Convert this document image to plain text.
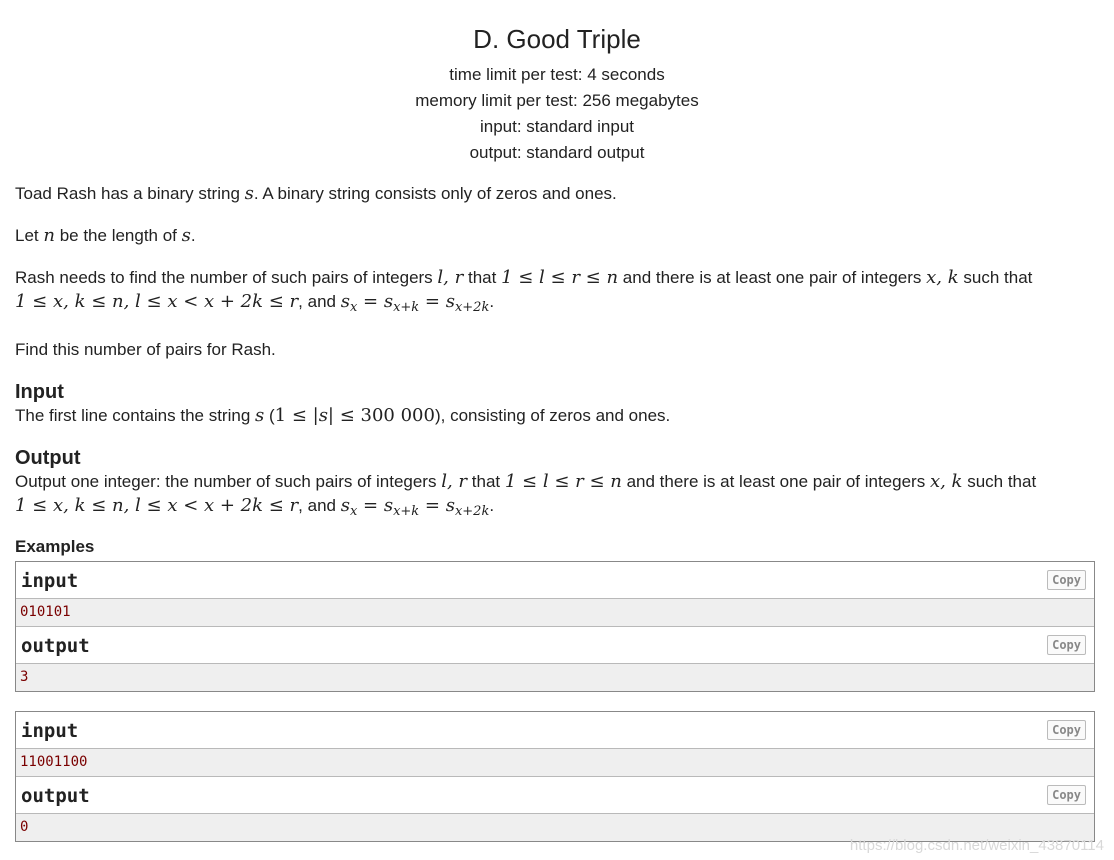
D. Good Triple
time limit per test: 4 seconds
memory limit per test: 256 megabytes
input: standard input
output: standard output

Toad Rash has a binary string s. A binary string consists only of zeros and ones.

Let n be the length of s.

Rash needs to find the number of such pairs of integers l, r that 1 ≤ l ≤ r ≤ n and there is at least one pair of integers x, k such that
1 ≤ x, k ≤ n, l ≤ x < x + 2k ≤ r, and $s_x = s_{x+k} = s_{x+2k}$.

Find this number of pairs for Rash.

Input
The first line contains the string s (1 ≤ |s| ≤ 300 000), consisting of zeros and ones.
Output
Output one integer: the number of such pairs of integers l, r that 1 ≤ l ≤ r ≤ n and there is at least one pair of integers x, k such that
1 ≤ x, k ≤ n, l ≤ x < x + 2k ≤ r, and $s_x = s_{x+k} = s_{x+2k}$.
Examples
input	Copy
010101
output	Copy
3
input	Copy
11001100
output	Copy
0
https://blog.csdn.net/weixin_43870114
